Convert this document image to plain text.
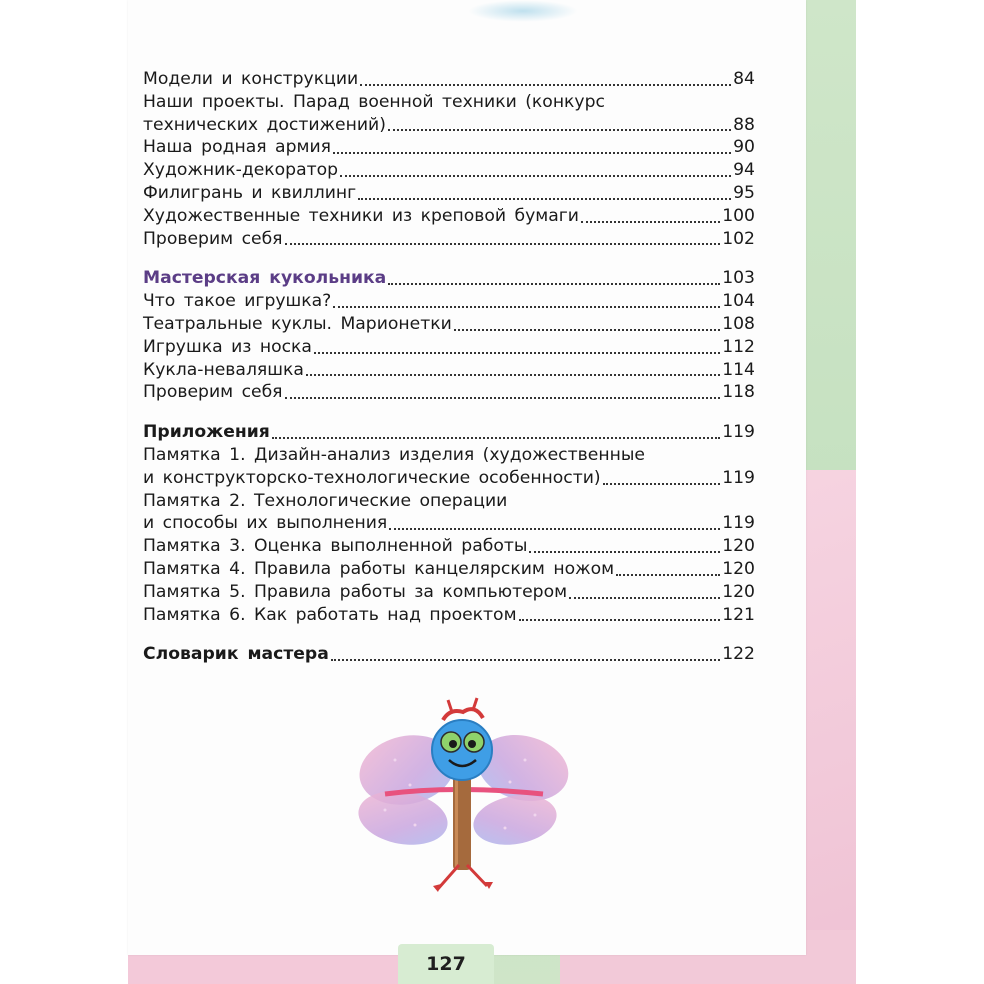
Модели и конструкции	84
Наши проекты. Парад военной техники (конкурс
технических достижений)	88
Наша родная армия	90
Художник-декоратор	94
Филигрань и квиллинг	95
Художественные техники из креповой бумаги	100
Проверим себя	102
Мастерская кукольника	103
Что такое игрушка?	104
Театральные куклы. Марионетки	108
Игрушка из носка	112
Кукла-неваляшка	114
Проверим себя	118
Приложения	119
Памятка 1. Дизайн-анализ изделия (художественные
и конструкторско-технологические особенности)	119
Памятка 2. Технологические операции
и способы их выполнения	119
Памятка 3. Оценка выполненной работы	120
Памятка 4. Правила работы канцелярским ножом	120
Памятка 5. Правила работы за компьютером	120
Памятка 6. Как работать над проектом	121
Словарик мастера	122
127
